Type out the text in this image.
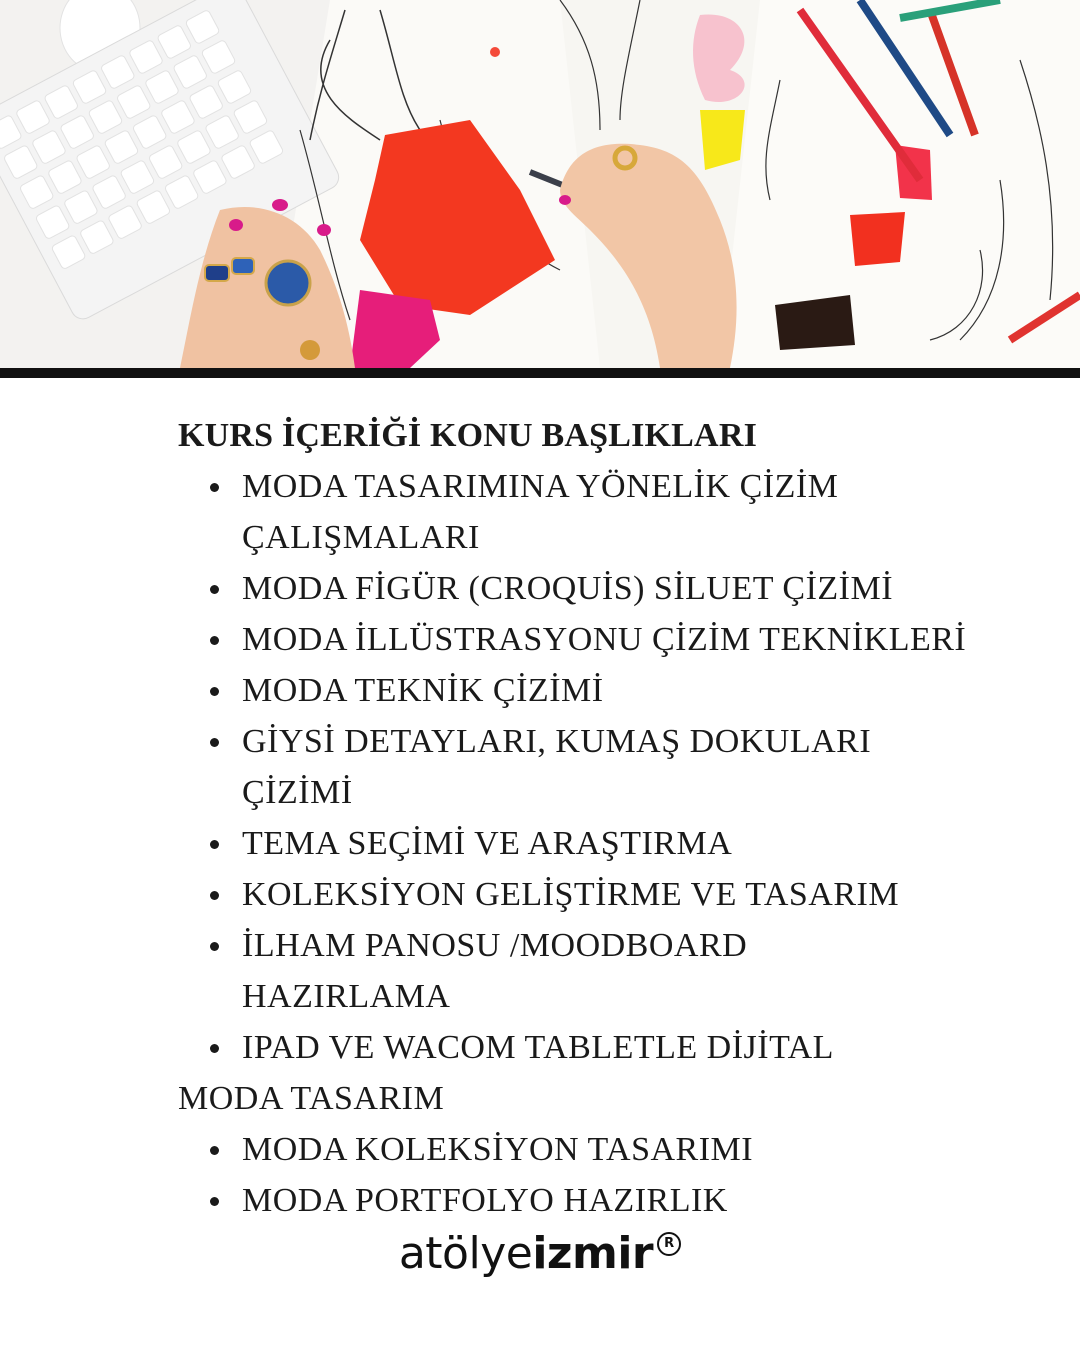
KURS İÇERİĞİ KONU BAŞLIKLARI
MODA TASARIMINA YÖNELİK ÇİZİM
ÇALIŞMALARI
MODA FİGÜR (CROQUİS) SİLUET ÇİZİMİ
MODA İLLÜSTRASYONU ÇİZİM TEKNİKLERİ
MODA TEKNİK ÇİZİMİ
GİYSİ DETAYLARI, KUMAŞ DOKULARI
ÇİZİMİ
TEMA SEÇİMİ VE ARAŞTIRMA
KOLEKSİYON GELİŞTİRME VE TASARIM
İLHAM PANOSU /MOODBOARD
HAZIRLAMA
IPAD VE WACOM TABLETLE DİJİTAL
MODA TASARIM
MODA KOLEKSİYON TASARIMI
MODA PORTFOLYO HAZIRLIK
atölyeizmir R
